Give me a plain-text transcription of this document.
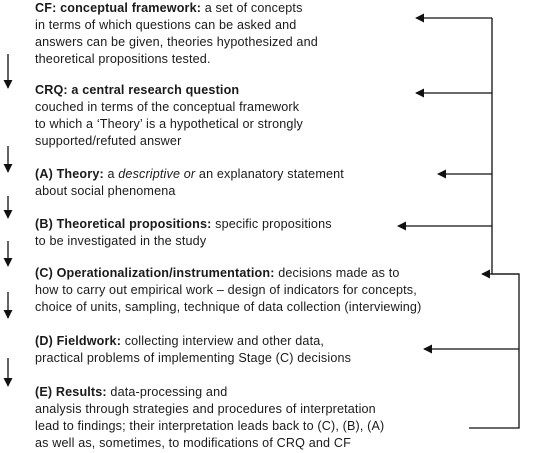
CF: conceptual framework: a set of concepts
in terms of which questions can be asked and
answers can be given, theories hypothesized and
theoretical propositions tested.
CRQ: a central research question
couched in terms of the conceptual framework
to which a ‘Theory’ is a hypothetical or strongly
supported/refuted answer
(A) Theory: a descriptive or an explanatory statement
about social phenomena
(B) Theoretical propositions: specific propositions
to be investigated in the study
(C) Operationalization/instrumentation: decisions made as to
how to carry out empirical work – design of indicators for concepts,
choice of units, sampling, technique of data collection (interviewing)
(D) Fieldwork: collecting interview and other data,
practical problems of implementing Stage (C) decisions
(E) Results: data-processing and
analysis through strategies and procedures of interpretation
lead to findings; their interpretation leads back to (C), (B), (A)
as well as, sometimes, to modifications of CRQ and CF
